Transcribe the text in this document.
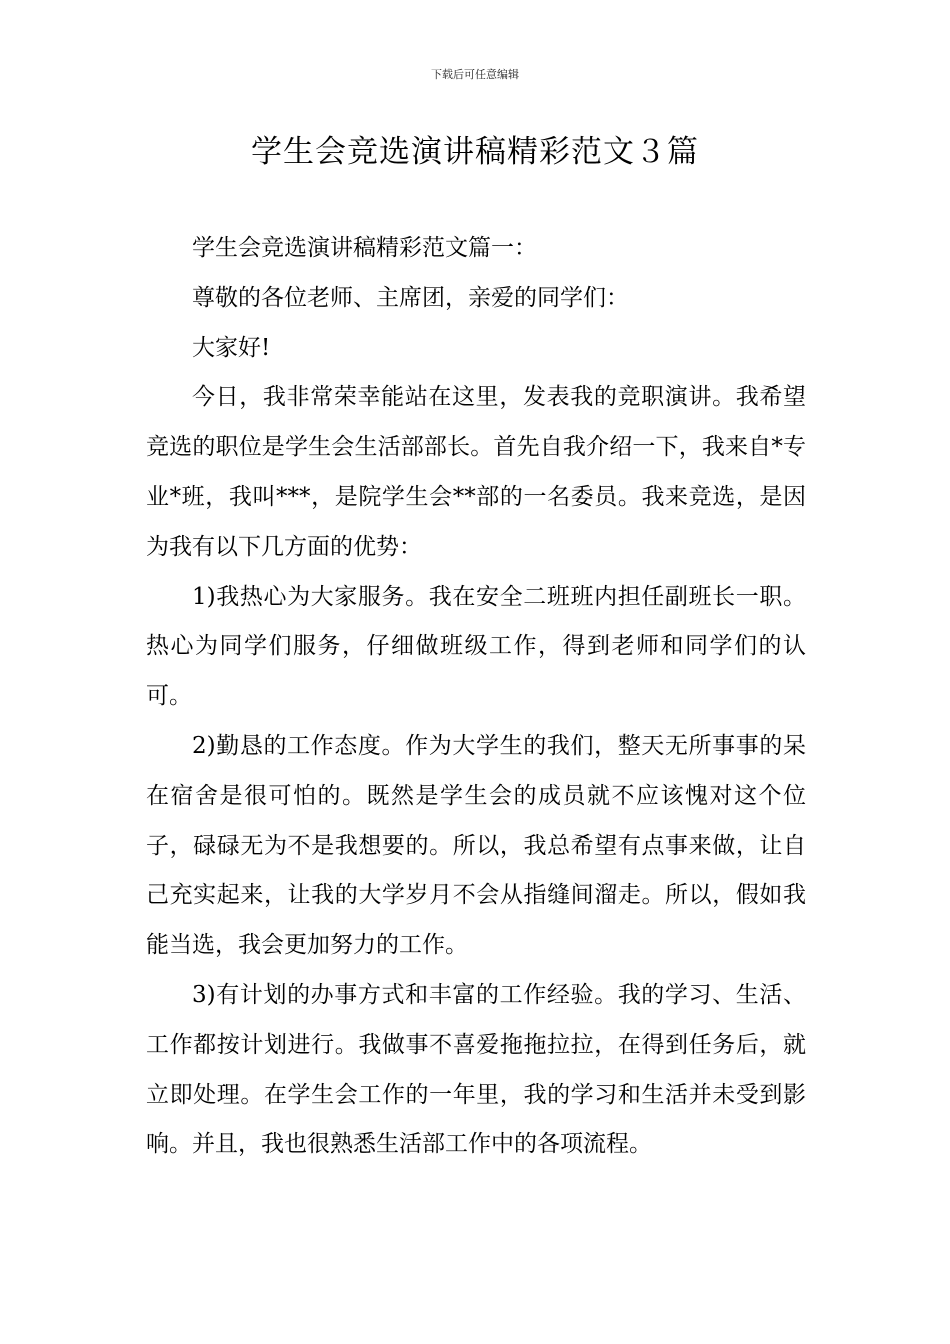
下载后可任意编辑
学生会竞选演讲稿精彩范文３篇

学生会竞选演讲稿精彩范文篇一：

尊敬的各位老师、主席团，亲爱的同学们：

大家好!

今日，我非常荣幸能站在这里，发表我的竞职演讲。我希望竞选的职位是学生会生活部部长。首先自我介绍一下，我来自*专业*班，我叫***，是院学生会**部的一名委员。我来竞选，是因为我有以下几方面的优势：

1)我热心为大家服务。我在安全二班班内担任副班长一职。热心为同学们服务，仔细做班级工作，得到老师和同学们的认可。

2)勤恳的工作态度。作为大学生的我们，整天无所事事的呆在宿舍是很可怕的。既然是学生会的成员就不应该愧对这个位子，碌碌无为不是我想要的。所以，我总希望有点事来做，让自己充实起来，让我的大学岁月不会从指缝间溜走。所以，假如我能当选，我会更加努力的工作。

3)有计划的办事方式和丰富的工作经验。我的学习、生活、工作都按计划进行。我做事不喜爱拖拖拉拉，在得到任务后，就立即处理。在学生会工作的一年里，我的学习和生活并未受到影响。并且，我也很熟悉生活部工作中的各项流程。
